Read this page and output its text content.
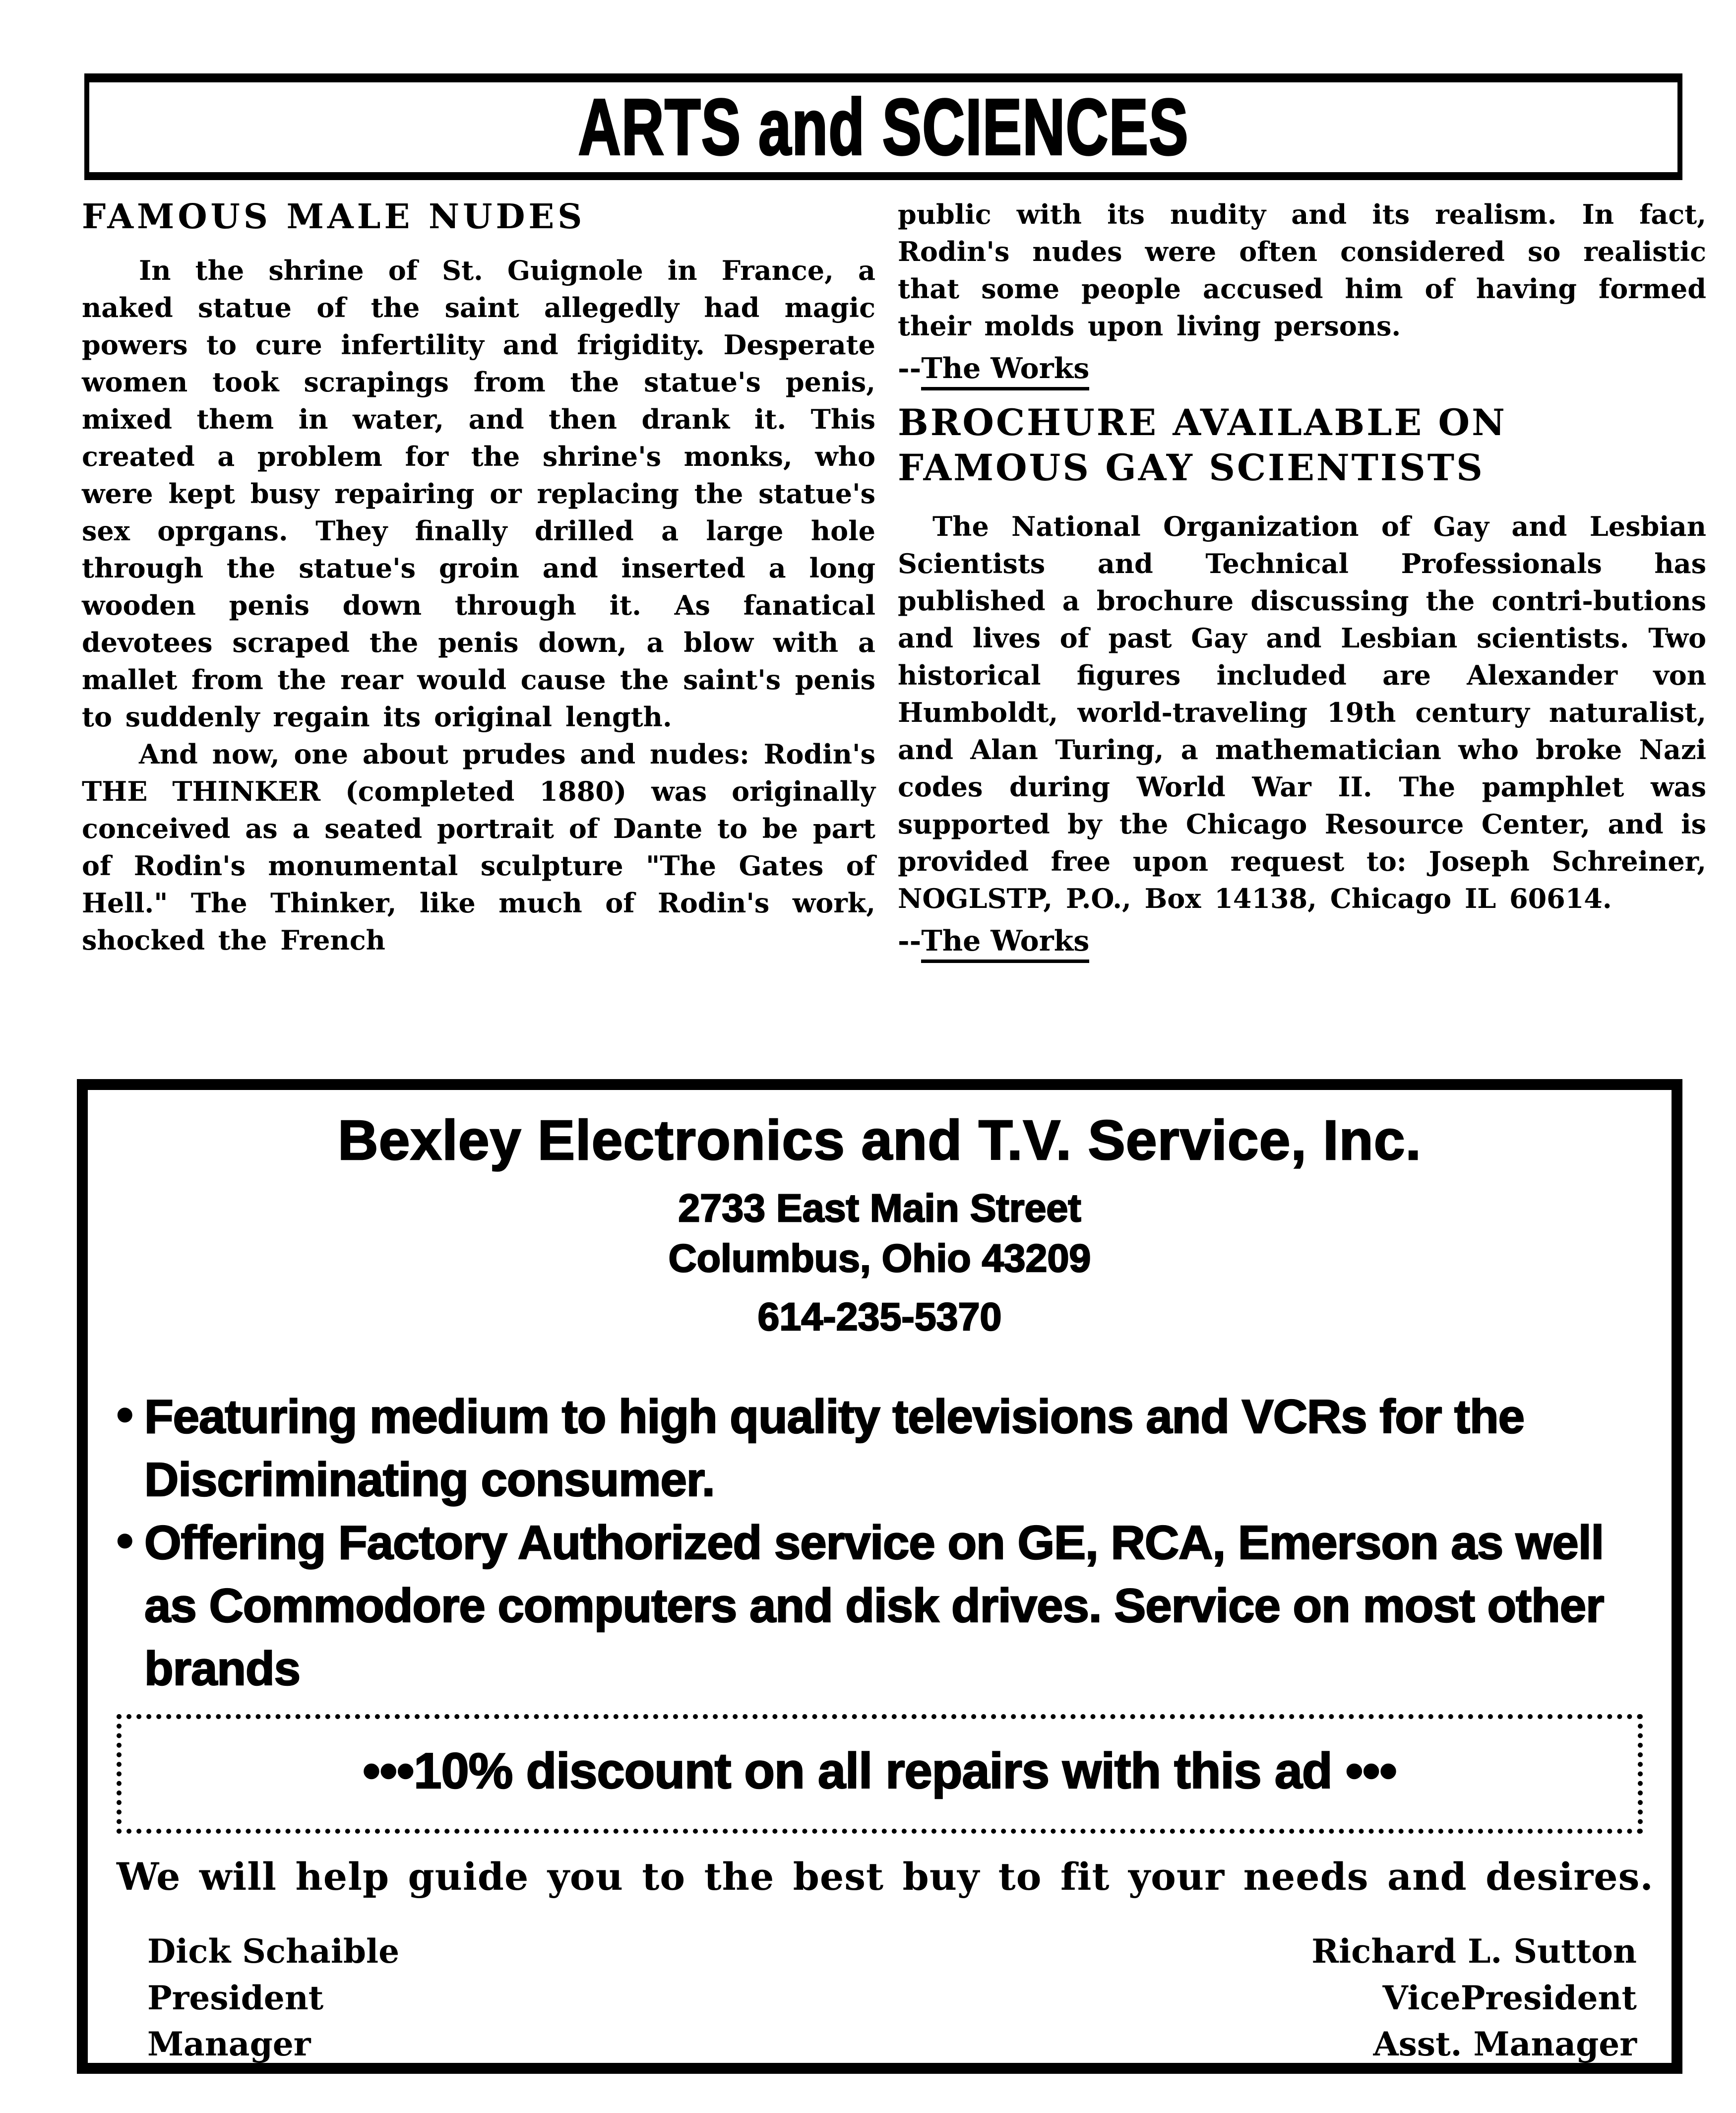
ARTS and SCIENCES
FAMOUS MALE NUDES

In the shrine of St. Guignole in France, a naked statue of the saint allegedly had magic powers to cure infertility and frigidity. Desperate women took scrapings from the statue's penis, mixed them in water, and then drank it. This created a problem for the shrine's monks, who were kept busy repairing or replacing the statue's sex oprgans. They finally drilled a large hole through the statue's groin and inserted a long wooden penis down through it. As fanatical devotees scraped the penis down, a blow with a mallet from the rear would cause the saint's penis to suddenly regain its original length.

And now, one about prudes and nudes: Rodin's THE THINKER (completed 1880) was originally conceived as a seated portrait of Dante to be part of Rodin's monumental sculpture "The Gates of Hell." The Thinker, like much of Rodin's work, shocked the French

public with its nudity and its realism. In fact, Rodin's nudes were often considered so realistic that some people accused him of having formed their molds upon living persons.

--The Works

BROCHURE AVAILABLE ON FAMOUS GAY SCIENTISTS

The National Organization of Gay and Lesbian Scientists and Technical Professionals has published a brochure discussing the contri-butions and lives of past Gay and Lesbian scientists. Two historical figures included are Alexander von Humboldt, world-traveling 19th century naturalist, and Alan Turing, a mathematician who broke Nazi codes during World War II. The pamphlet was supported by the Chicago Resource Center, and is provided free upon request to: Joseph Schreiner, NOGLSTP, P.O., Box 14138, Chicago IL 60614.

--The Works

Bexley Electronics and T.V. Service, Inc.
2733 East Main Street
Columbus, Ohio 43209
614-235-5370
• Featuring medium to high quality televisions and VCRs for the Discriminating consumer.
• Offering Factory Authorized service on GE, RCA, Emerson as well as Commodore computers and disk drives. Service on most other brands
•••10% discount on all repairs with this ad •••
We will help guide you to the best buy to fit your needs and desires.
Dick Schaible
President
Manager
Richard L. Sutton
VicePresident
Asst. Manager
